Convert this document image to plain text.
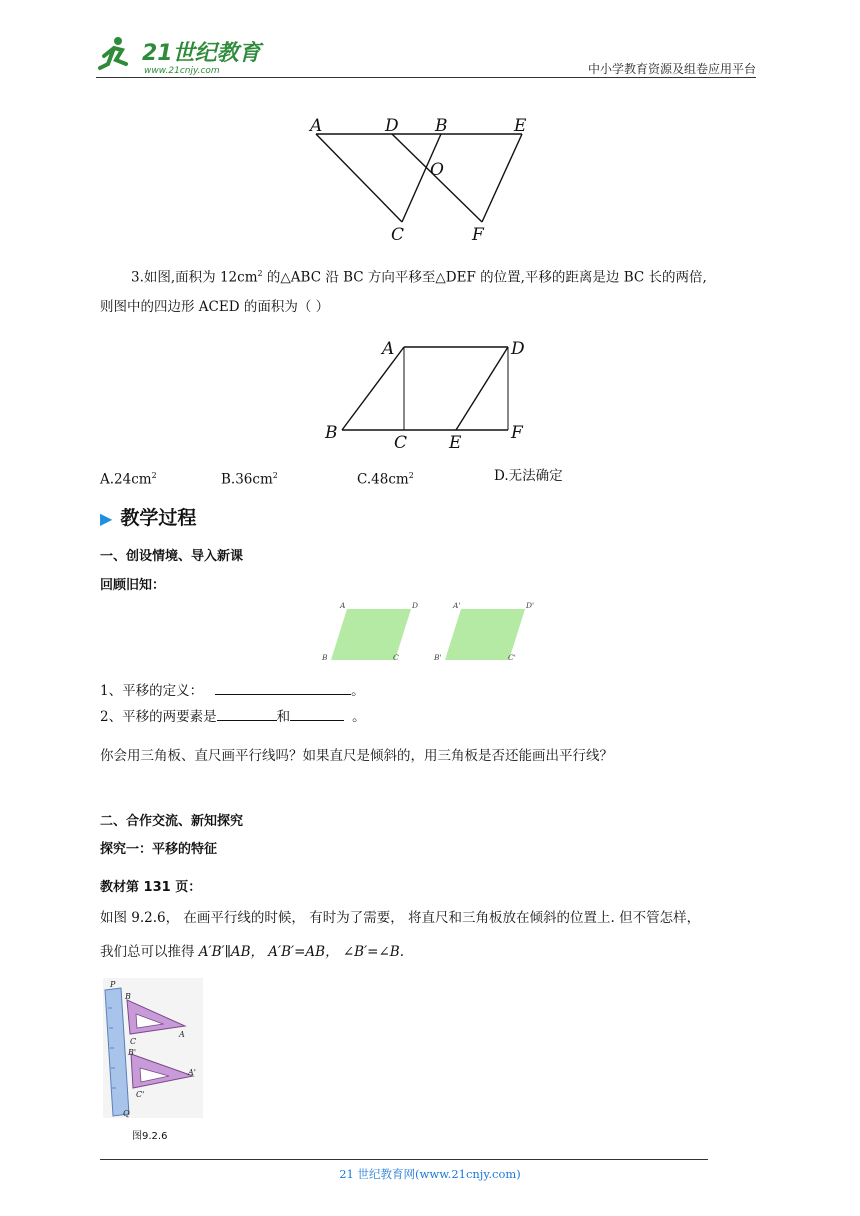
21世纪教育
www.21cnjy.com	中小学教育资源及组卷应用平台
A	D B	E
O
C	F
3.如图,面积为 $12cm^2$ 的△ABC 沿 BC 方向平移至△DEF 的位置,平移的距离是边 BC 长的两倍,
则图中的四边形 ACED 的面积为（ ）
A	D
B	C E	F
$A.24cm^2$	$B.36cm^2$	$C.48cm^2$	D.无法确定
▶ 教学过程
一、创设情境、导入新课
回顾旧知：
A	D
B	C
A'	D'
B'	C'
1、平移的定义：	。
2、平移的两要素是	和	。
你会用三角板、直尺画平行线吗？如果直尺是倾斜的，用三角板是否还能画出平行线？
二、合作交流、新知探究
探究一：平移的特征
教材第 131 页：
如图 9.2.6， 在画平行线的时候， 有时为了需要， 将直尺和三角板放在倾斜的位置上. 但不管怎样，
我们总可以推得 A′B′∥AB， A′B′=AB， ∠B′=∠B.
P
B
A
C
B'
A'
C'
Q
图9.2.6
21 世纪教育网(www.21cnjy.com)
